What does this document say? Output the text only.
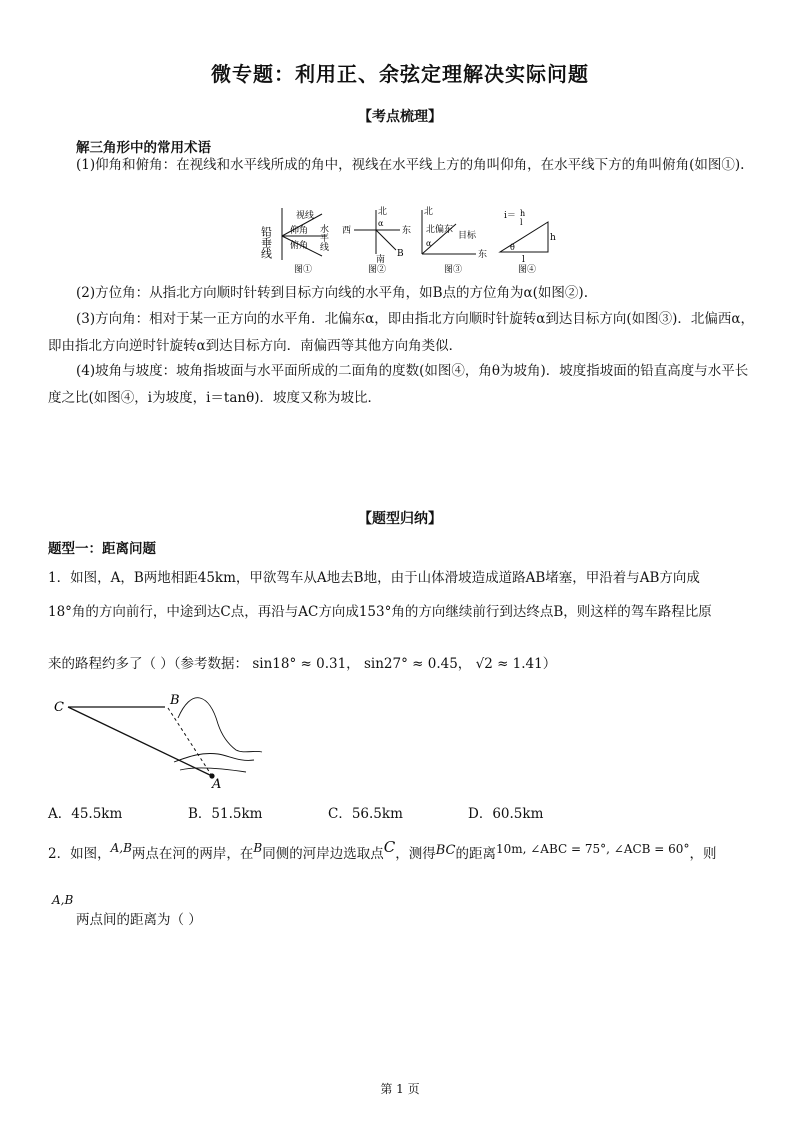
微专题：利用正、余弦定理解决实际问题
【考点梳理】
解三角形中的常用术语
(1)仰角和俯角：在视线和水平线所成的角中，视线在水平线上方的角叫仰角，在水平线下方的角叫俯角(如图①).
铅垂线
视线
水平线
仰角
俯角
图①
北
南
东
西
α
B
图②
北
东
北偏东
目标
α
图③
i＝ h
l
h
l
θ
图④
(2)方位角：从指北方向顺时针转到目标方向线的水平角，如B点的方位角为α(如图②).
(3)方向角：相对于某一正方向的水平角．北偏东α，即由指北方向顺时针旋转α到达目标方向(如图③)．北偏西α，即由指北方向逆时针旋转α到达目标方向．南偏西等其他方向角类似．
(4)坡角与坡度：坡角指坡面与水平面所成的二面角的度数(如图④，角θ为坡角)．坡度指坡面的铅直高度与水平长度之比(如图④，i为坡度，i＝tanθ)．坡度又称为坡比．
【题型归纳】
题型一：距离问题
1．如图，A，B两地相距45km，甲欲驾车从A地去B地，由于山体滑坡造成道路AB堵塞，甲沿着与AB方向成
18°角的方向前行，中途到达C点，再沿与AC方向成153°角的方向继续前行到达终点B，则这样的驾车路程比原
来的路程约多了（ ）（参考数据： sin18° ≈ 0.31， sin27° ≈ 0.45， √2 ≈ 1.41）
C	B
A
A．45.5km	B．51.5km	C．56.5km	D．60.5km
2．如图，A,B两点在河的两岸，在B同侧的河岸边选取点C，测得BC的距离10m, ∠ABC = 75°, ∠ACB = 60°，则
A,B
两点间的距离为（ ）
第 1 页
